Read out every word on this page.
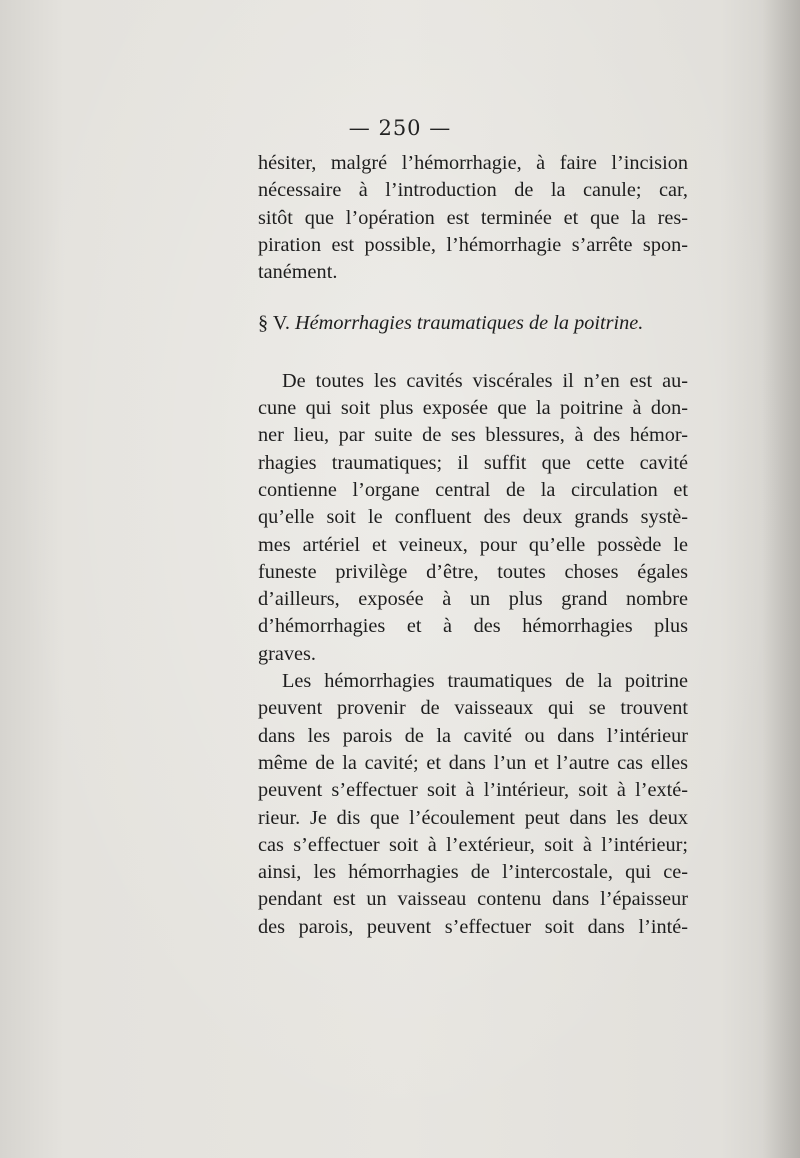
— 250 —
hésiter, malgré l’hémorrhagie, à faire l’incision
nécessaire à l’introduction de la canule; car,
sitôt que l’opération est terminée et que la res-
piration est possible, l’hémorrhagie s’arrête spon-
tanément.
§ V. Hémorrhagies traumatiques de la poitrine.
De toutes les cavités viscérales il n’en est au-
cune qui soit plus exposée que la poitrine à don-
ner lieu, par suite de ses blessures, à des hémor-
rhagies traumatiques; il suffit que cette cavité
contienne l’organe central de la circulation et
qu’elle soit le confluent des deux grands systè-
mes artériel et veineux, pour qu’elle possède le
funeste privilège d’être, toutes choses égales
d’ailleurs, exposée à un plus grand nombre
d’hémorrhagies et à des hémorrhagies plus
graves.
Les hémorrhagies traumatiques de la poitrine
peuvent provenir de vaisseaux qui se trouvent
dans les parois de la cavité ou dans l’intérieur
même de la cavité; et dans l’un et l’autre cas elles
peuvent s’effectuer soit à l’intérieur, soit à l’exté-
rieur. Je dis que l’écoulement peut dans les deux
cas s’effectuer soit à l’extérieur, soit à l’intérieur;
ainsi, les hémorrhagies de l’intercostale, qui ce-
pendant est un vaisseau contenu dans l’épaisseur
des parois, peuvent s’effectuer soit dans l’inté-
